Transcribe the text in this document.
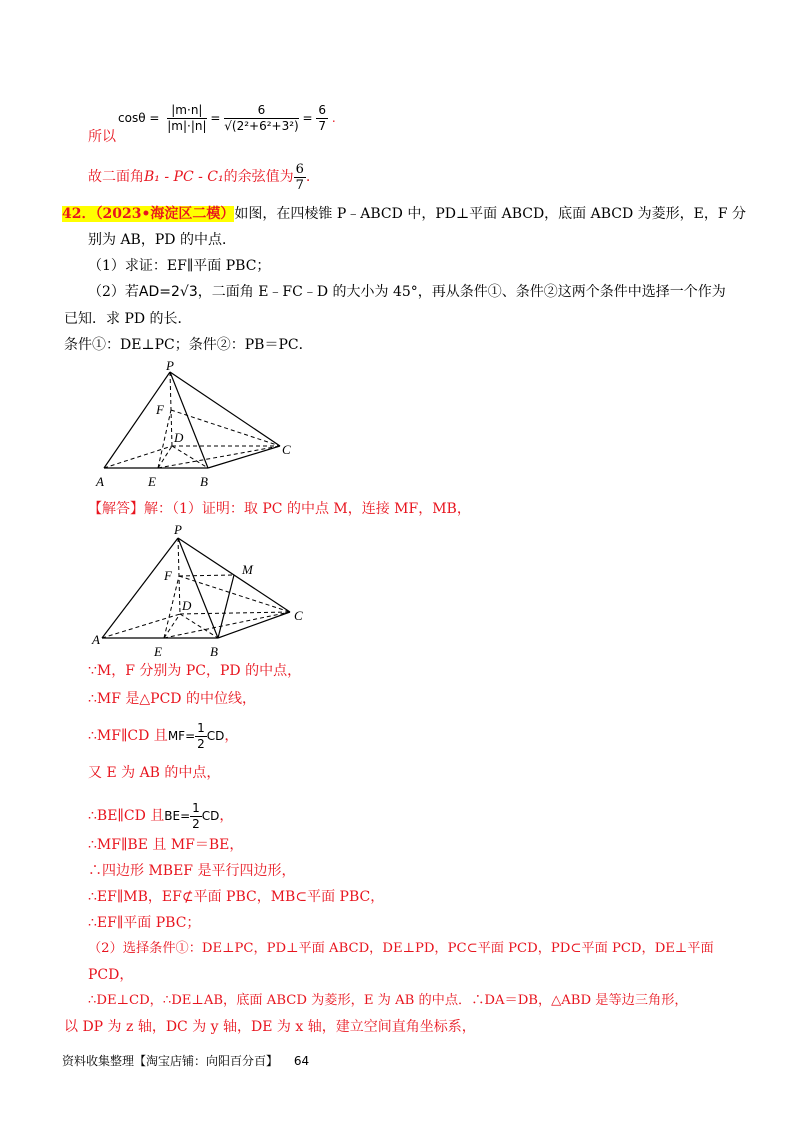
$\cos\theta = \frac{|m\cdot n|}{|m|\cdot|n|} = \frac{6}{\text{√(2²+6²+3²)}} = \frac{6}{7}$ .
所以
故二面角B₁ - PC - C₁的余弦值为 $\frac{6}{7}$ .
42．（2023•海淀区二模）如图，在四棱锥 P﹣ABCD 中，PD⊥平面 ABCD，底面 ABCD 为菱形，E，F 分
别为 AB，PD 的中点．
（1）求证：EF∥平面 PBC；
（2）若AD=2√3，二面角 E﹣FC﹣D 的大小为 45°，再从条件①、条件②这两个条件中选择一个作为
已知．求 PD 的长．
条件①：DE⊥PC；条件②：PB＝PC．
P
F
D
C
A	E	B
【解答】解：（1）证明：取 PC 的中点 M，连接 MF，MB，
P
M
F
D
C
A
E	B
∵M，F 分别为 PC，PD 的中点，
∴MF 是△PCD 的中位线，
∴MF∥CD 且$MF= \frac{1}{2}$ CD，
又 E 为 AB 的中点，
∴BE∥CD 且$BE= \frac{1}{2}$ CD，
∴MF∥BE 且 MF＝BE，
∴四边形 MBEF 是平行四边形，
∴EF∥MB，EF⊄平面 PBC，MB⊂平面 PBC，
∴EF∥平面 PBC；
（2）选择条件①：DE⊥PC，PD⊥平面 ABCD，DE⊥PD，PC⊂平面 PCD，PD⊂平面 PCD，DE⊥平面
PCD，
∴DE⊥CD，∴DE⊥AB，底面 ABCD 为菱形，E 为 AB 的中点．∴DA＝DB，△ABD 是等边三角形，
以 DP 为 z 轴，DC 为 y 轴，DE 为 x 轴，建立空间直角坐标系，
资料收集整理【淘宝店铺：向阳百分百】 64
